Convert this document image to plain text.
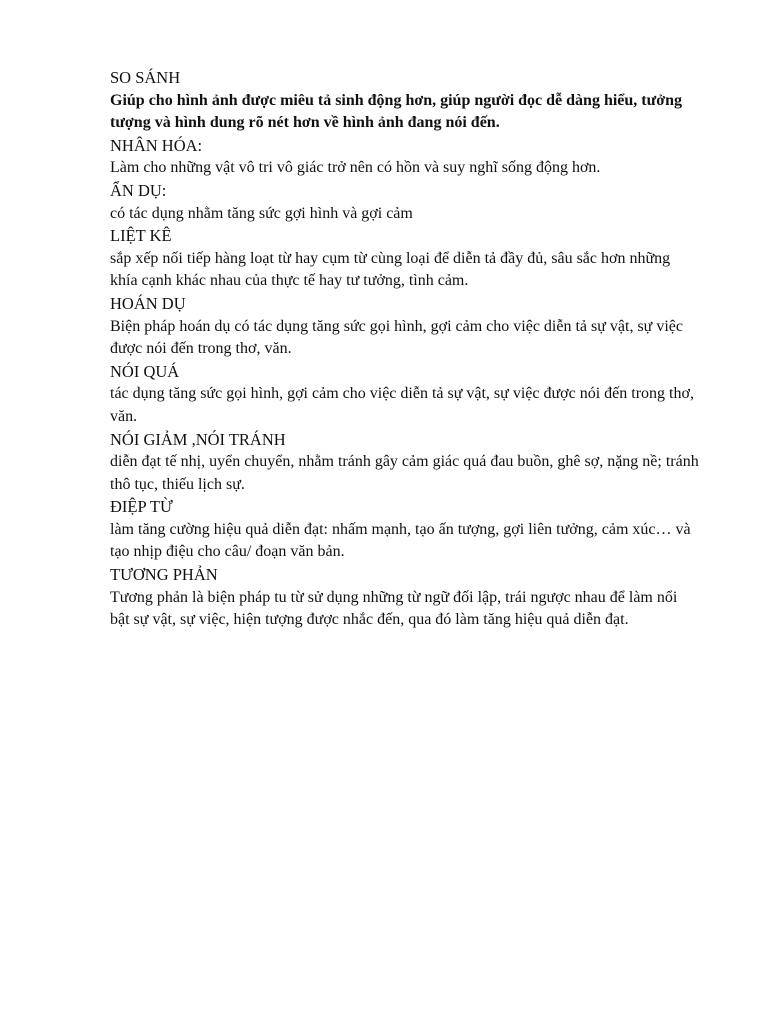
SO SÁNH
Giúp cho hình ảnh được miêu tả sinh động hơn, giúp người đọc dễ dàng hiểu, tưởng tượng và hình dung rõ nét hơn về hình ảnh đang nói đến.
NHÂN HÓA:
Làm cho những vật vô tri vô giác trở nên có hồn và suy nghĩ sống động hơn.
ẨN DỤ:
có tác dụng nhằm tăng sức gợi hình và gợi cảm
LIỆT KÊ
sắp xếp nối tiếp hàng loạt từ hay cụm từ cùng loại để diễn tả đầy đủ, sâu sắc hơn những khía cạnh khác nhau của thực tế hay tư tưởng, tình cảm.
HOÁN DỤ
Biện pháp hoán dụ có tác dụng tăng sức gọi hình, gợi cảm cho việc diễn tả sự vật, sự việc được nói đến trong thơ, văn.
NÓI QUÁ
tác dụng tăng sức gọi hình, gợi cảm cho việc diễn tả sự vật, sự việc được nói đến trong thơ, văn.
NÓI GIẢM ,NÓI TRÁNH
diễn đạt tế nhị, uyển chuyển, nhằm tránh gây cảm giác quá đau buồn, ghê sợ, nặng nề; tránh thô tục, thiếu lịch sự.
ĐIỆP TỪ
làm tăng cường hiệu quả diễn đạt: nhấm mạnh, tạo ấn tượng, gợi liên tưởng, cảm xúc… và tạo nhịp điệu cho câu/ đoạn văn bản.
TƯƠNG PHẢN
Tương phản là biện pháp tu từ sử dụng những từ ngữ đối lập, trái ngược nhau để làm nổi bật sự vật, sự việc, hiện tượng được nhắc đến, qua đó làm tăng hiệu quả diễn đạt.
